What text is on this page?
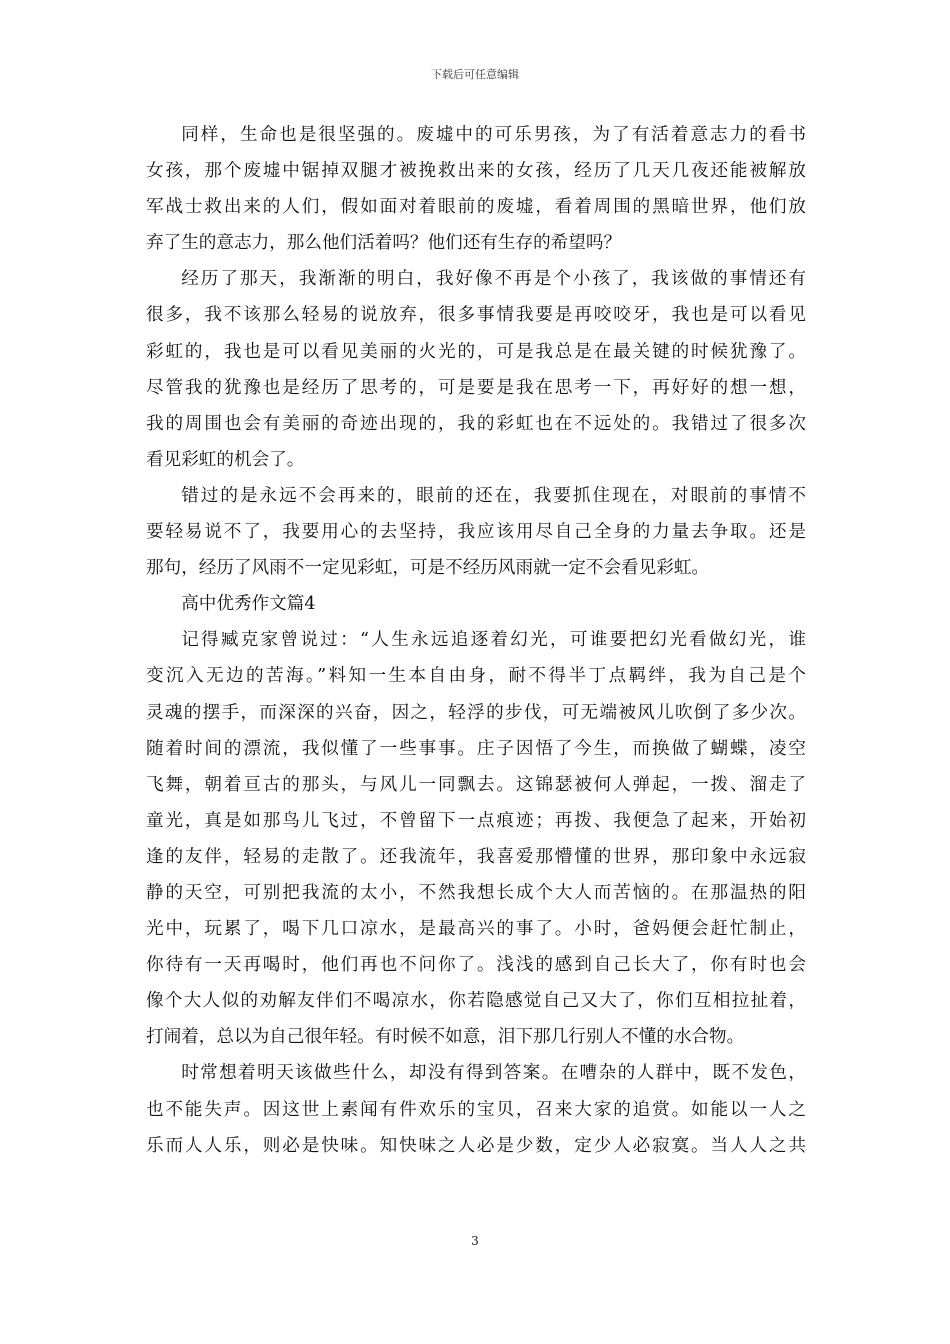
下载后可任意编辑

同样，生命也是很坚强的。废墟中的可乐男孩，为了有活着意志力的看书
女孩，那个废墟中锯掉双腿才被挽救出来的女孩，经历了几天几夜还能被解放
军战士救出来的人们，假如面对着眼前的废墟，看着周围的黑暗世界，他们放
弃了生的意志力，那么他们活着吗？他们还有生存的希望吗？

经历了那天，我渐渐的明白，我好像不再是个小孩了，我该做的事情还有
很多，我不该那么轻易的说放弃，很多事情我要是再咬咬牙，我也是可以看见
彩虹的，我也是可以看见美丽的火光的，可是我总是在最关键的时候犹豫了。
尽管我的犹豫也是经历了思考的，可是要是我在思考一下，再好好的想一想，
我的周围也会有美丽的奇迹出现的，我的彩虹也在不远处的。我错过了很多次
看见彩虹的机会了。

错过的是永远不会再来的，眼前的还在，我要抓住现在，对眼前的事情不
要轻易说不了，我要用心的去坚持，我应该用尽自己全身的力量去争取。还是
那句，经历了风雨不一定见彩虹，可是不经历风雨就一定不会看见彩虹。

高中优秀作文篇4

记得臧克家曾说过：“人生永远追逐着幻光，可谁要把幻光看做幻光，谁
变沉入无边的苦海。”料知一生本自由身，耐不得半丁点羁绊，我为自己是个
灵魂的摆手，而深深的兴奋，因之，轻浮的步伐，可无端被风儿吹倒了多少次。
随着时间的漂流，我似懂了一些事事。庄子因悟了今生，而换做了蝴蝶，凌空
飞舞，朝着亘古的那头，与风儿一同飘去。这锦瑟被何人弹起，一拨、溜走了
童光，真是如那鸟儿飞过，不曾留下一点痕迹；再拨、我便急了起来，开始初
逢的友伴，轻易的走散了。还我流年，我喜爱那懵懂的世界，那印象中永远寂
静的天空，可别把我流的太小，不然我想长成个大人而苦恼的。在那温热的阳
光中，玩累了，喝下几口凉水，是最高兴的事了。小时，爸妈便会赶忙制止，
你待有一天再喝时，他们再也不问你了。浅浅的感到自己长大了，你有时也会
像个大人似的劝解友伴们不喝凉水，你若隐感觉自己又大了，你们互相拉扯着，
打闹着，总以为自己很年轻。有时候不如意，泪下那几行别人不懂的水合物。

时常想着明天该做些什么，却没有得到答案。在嘈杂的人群中，既不发色，
也不能失声。因这世上素闻有件欢乐的宝贝，召来大家的追赏。如能以一人之
乐而人人乐，则必是快味。知快味之人必是少数，定少人必寂寞。当人人之共

3
